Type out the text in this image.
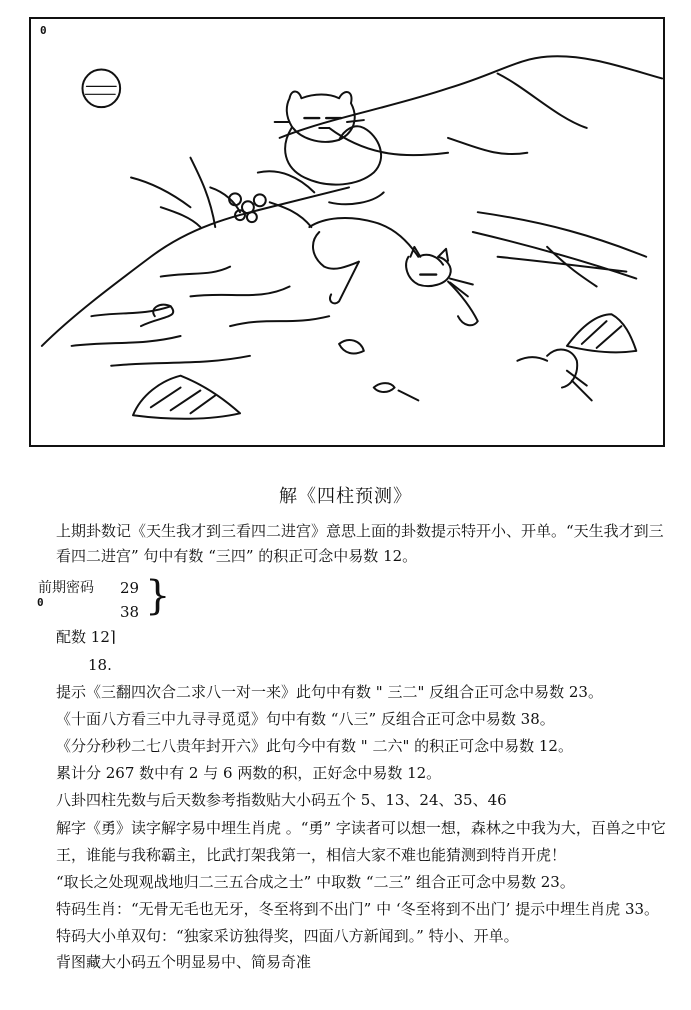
0
解《四柱预测》
上期卦数记《天生我才到三看四二进宫》意思上面的卦数提示特开小、开单。“天生我才到三
看四二进宫” 句中有数 “三四” 的积正可念中易数 12。
前期密码 29
38 }
0
配数 12⌉
18.
提示《三翻四次合二求八一对一来》此句中有数 " 三二" 反组合正可念中易数 23。
《十面八方看三中九寻寻觅觅》句中有数 “八三” 反组合正可念中易数 38。
《分分秒秒二七八贵年封开六》此句今中有数 " 二六" 的积正可念中易数 12。
累计分 267 数中有 2 与 6 两数的积，正好念中易数 12。
八卦四柱先数与后天数参考指数贴大小码五个 5、13、24、35、46
解字《勇》读字解字易中埋生肖虎 。“勇” 字读者可以想一想，森林之中我为大，百兽之中它
王，谁能与我称霸主，比武打架我第一，相信大家不难也能猜测到特肖开虎！
“取长之处现观战地归二三五合成之士” 中取数 “二三” 组合正可念中易数 23。
特码生肖：“无骨无毛也无牙，冬至将到不出门” 中 ‘冬至将到不出门’ 提示中埋生肖虎 33。
特码大小单双句：“独家采访独得奖，四面八方新闻到。” 特小、开单。
背图藏大小码五个明显易中、简易奇准
